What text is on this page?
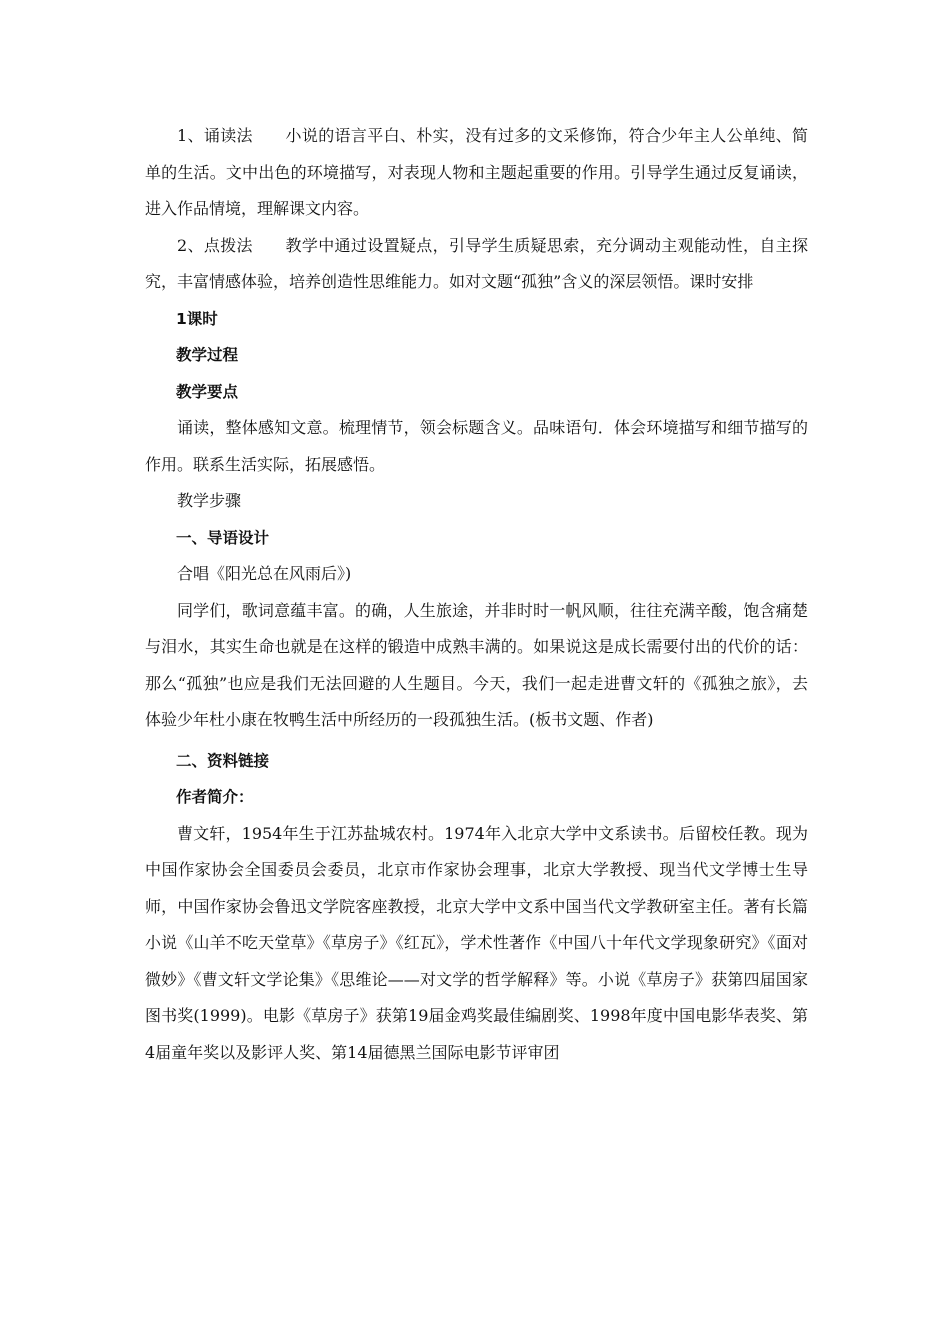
1、诵读法　　小说的语言平白、朴实，没有过多的文采修饰，符合少年主人公单纯、简单的生活。文中出色的环境描写，对表现人物和主题起重要的作用。引导学生通过反复诵读，进入作品情境，理解课文内容。

2、点拨法　　教学中通过设置疑点，引导学生质疑思索，充分调动主观能动性，自主探究，丰富情感体验，培养创造性思维能力。如对文题“孤独”含义的深层领悟。课时安排

1课时

教学过程

教学要点

诵读，整体感知文意。梳理情节，领会标题含义。品味语句．体会环境描写和细节描写的作用。联系生活实际，拓展感悟。

教学步骤

一、导语设计

合唱《阳光总在风雨后》)

同学们，歌词意蕴丰富。的确，人生旅途，并非时时一帆风顺，往往充满辛酸，饱含痛楚与泪水，其实生命也就是在这样的锻造中成熟丰满的。如果说这是成长需要付出的代价的话：那么“孤独”也应是我们无法回避的人生题目。今天，我们一起走进曹文轩的《孤独之旅》，去体验少年杜小康在牧鸭生活中所经历的一段孤独生活。(板书文题、作者)

二、资料链接

作者简介：

曹文轩，1954年生于江苏盐城农村。1974年入北京大学中文系读书。后留校任教。现为中国作家协会全国委员会委员，北京市作家协会理事，北京大学教授、现当代文学博士生导师，中国作家协会鲁迅文学院客座教授，北京大学中文系中国当代文学教研室主任。著有长篇小说《山羊不吃天堂草》《草房子》《红瓦》，学术性著作《中国八十年代文学现象研究》《面对微妙》《曹文轩文学论集》《思维论——对文学的哲学解释》等。小说《草房子》获第四届国家图书奖(1999)。电影《草房子》获第19届金鸡奖最佳编剧奖、1998年度中国电影华表奖、第4届童年奖以及影评人奖、第14届德黑兰国际电影节评审团
